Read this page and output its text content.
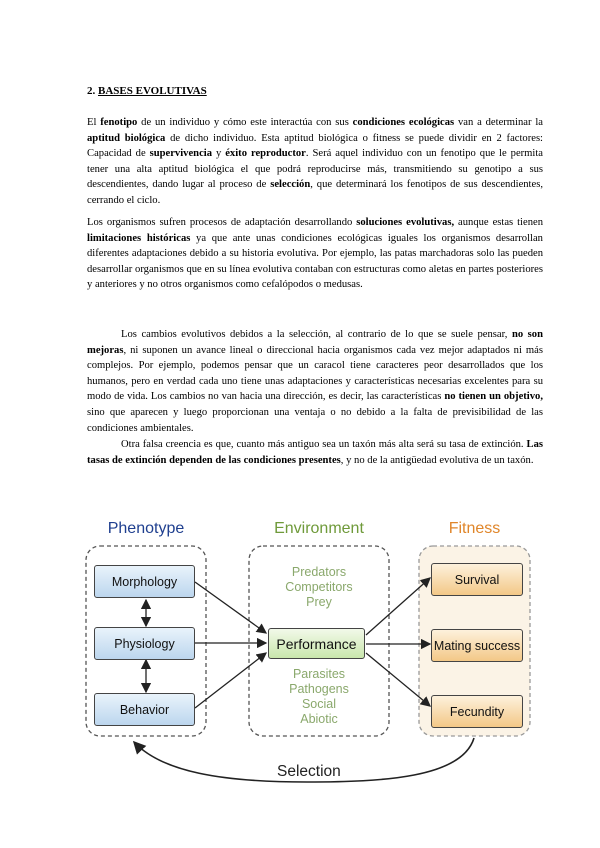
2. BASES EVOLUTIVAS
El fenotipo de un individuo y cómo este interactúa con sus condiciones ecológicas van a determinar la aptitud biológica de dicho individuo. Esta aptitud biológica o fitness se puede dividir en 2 factores: Capacidad de supervivencia y éxito reproductor. Será aquel individuo con un fenotipo que le permita tener una alta aptitud biológica el que podrá reproducirse más, transmitiendo su genotipo a sus descendientes, dando lugar al proceso de selección, que determinará los fenotipos de sus descendientes, cerrando el ciclo.
Los organismos sufren procesos de adaptación desarrollando soluciones evolutivas, aunque estas tienen limitaciones históricas ya que ante unas condiciones ecológicas iguales los organismos desarrollan diferentes adaptaciones debido a su historia evolutiva. Por ejemplo, las patas marchadoras solo las pueden desarrollar organismos que en su línea evolutiva contaban con estructuras como aletas en partes posteriores y anteriores y no otros organismos como cefalópodos o medusas.
Los cambios evolutivos debidos a la selección, al contrario de lo que se suele pensar, no son mejoras, ni suponen un avance lineal o direccional hacia organismos cada vez mejor adaptados ni más complejos. Por ejemplo, podemos pensar que un caracol tiene caracteres peor desarrollados que los humanos, pero en verdad cada uno tiene unas adaptaciones y características necesarias excelentes para su modo de vida. Los cambios no van hacia una dirección, es decir, las características no tienen un objetivo, sino que aparecen y luego proporcionan una ventaja o no debido a la falta de previsibilidad de las condiciones ambientales.
Otra falsa creencia es que, cuanto más antiguo sea un taxón más alta será su tasa de extinción. Las tasas de extinción dependen de las condiciones presentes, y no de la antigüedad evolutiva de un taxón.
Phenotype	Environment	Fitness
Morphology
Physiology
Behavior
Predators
Competitors
Prey
Performance
Parasites
Pathogens
Social
Abiotic
Survival
Mating success
Fecundity
Selection
